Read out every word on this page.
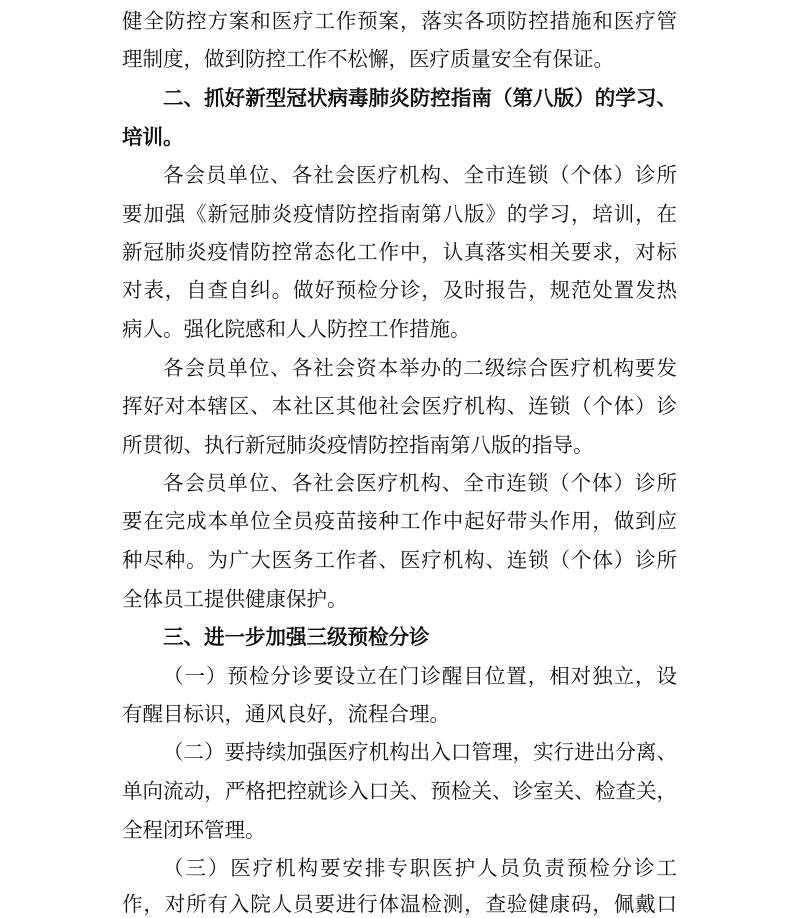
健全防控方案和医疗工作预案，落实各项防控措施和医疗管
理制度，做到防控工作不松懈，医疗质量安全有保证。
二、抓好新型冠状病毒肺炎防控指南（第八版）的学习、
培训。
各会员单位、各社会医疗机构、全市连锁（个体）诊所
要加强《新冠肺炎疫情防控指南第八版》的学习，培训，在
新冠肺炎疫情防控常态化工作中，认真落实相关要求，对标
对表，自查自纠。做好预检分诊，及时报告，规范处置发热
病人。强化院感和人人防控工作措施。
各会员单位、各社会资本举办的二级综合医疗机构要发
挥好对本辖区、本社区其他社会医疗机构、连锁（个体）诊
所贯彻、执行新冠肺炎疫情防控指南第八版的指导。
各会员单位、各社会医疗机构、全市连锁（个体）诊所
要在完成本单位全员疫苗接种工作中起好带头作用，做到应
种尽种。为广大医务工作者、医疗机构、连锁（个体）诊所
全体员工提供健康保护。
三、进一步加强三级预检分诊
（一）预检分诊要设立在门诊醒目位置，相对独立，设
有醒目标识，通风良好，流程合理。
（二）要持续加强医疗机构出入口管理，实行进出分离、
单向流动，严格把控就诊入口关、预检关、诊室关、检查关，
全程闭环管理。
（三）医疗机构要安排专职医护人员负责预检分诊工
作，对所有入院人员要进行体温检测，查验健康码，佩戴口
